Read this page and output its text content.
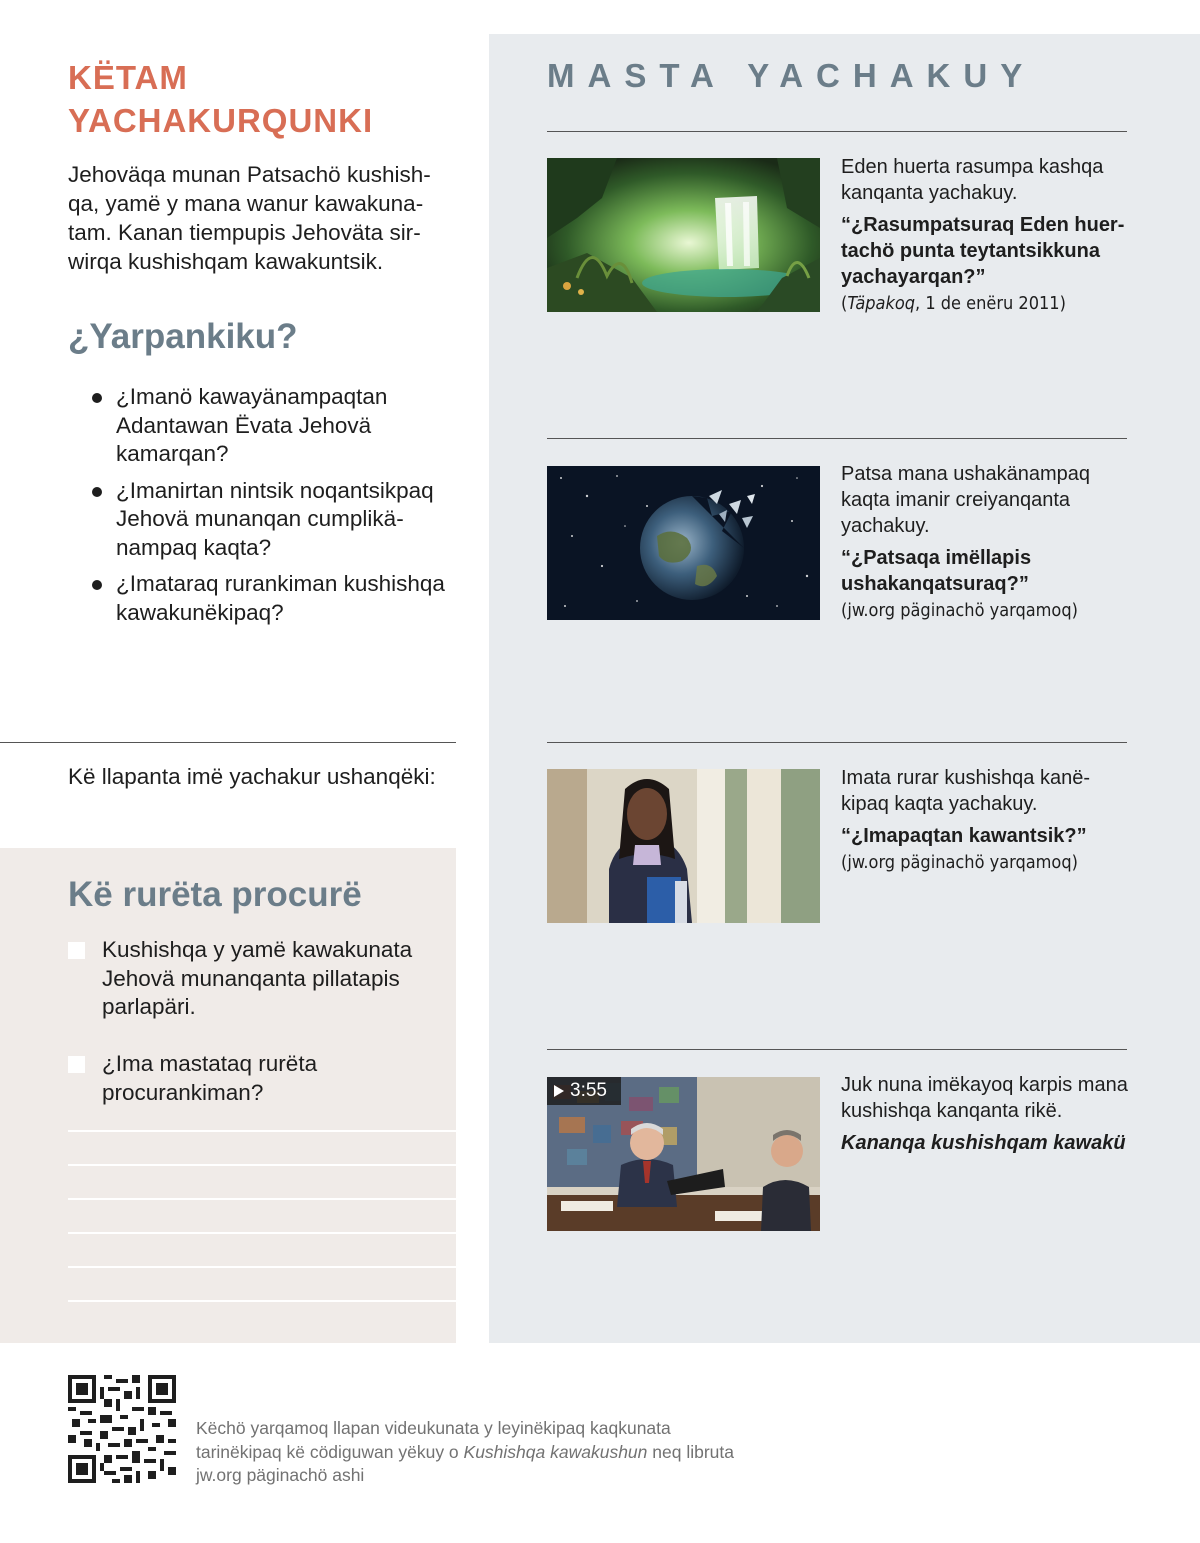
KËTAM
YACHAKURQUNKI

Jehoväqa munan Patsachö kushishqa, yamë y mana wanur kawakunatam. Kanan tiempupis Jehoväta sirwirqa kushishqam kawakuntsik.

¿Yarpankiku?
¿Imanö kawayänampaqtan Adantawan Ëvata Jehovä kamarqan?
¿Imanirtan nintsik noqantsikpaq Jehovä munanqan cumplikänampaq kaqta?
¿Imataraq rurankiman kushishqa kawakunëkipaq?

Kë llapanta imë yachakur ushanqëki:

Kë rurëta procurë
Kushishqa y yamë kawakunata Jehovä munanqanta pillatapis parlapäri.
¿Ima mastataq rurëta procurankiman?
MASTA YACHAKUY

Eden huerta rasumpa kashqa kanqanta yachakuy.

“¿Rasumpatsuraq Eden huertachö punta teytantsikkuna yachayarqan?”

(Täpakoq, 1 de enëru 2011)

Patsa mana ushakänampaq kaqta imanir creiyanqanta yachakuy.

“¿Patsaqa imëllapis ushakanqatsuraq?”

(jw.org päginachö yarqamoq)

Imata rurar kushishqa kanëkipaq kaqta yachakuy.

“¿Imapaqtan kawantsik?”

(jw.org päginachö yarqamoq)

3:55	Juk nuna imëkayoq karpis mana kushishqa kanqanta rikë.

Kananqa kushishqam kawakü

Këchö yarqamoq llapan videukunata y leyinëkipaq kaqkunata tarinëkipaq kë cödiguwan yëkuy o Kushishqa kawakushun neq libruta jw.org päginachö ashi
